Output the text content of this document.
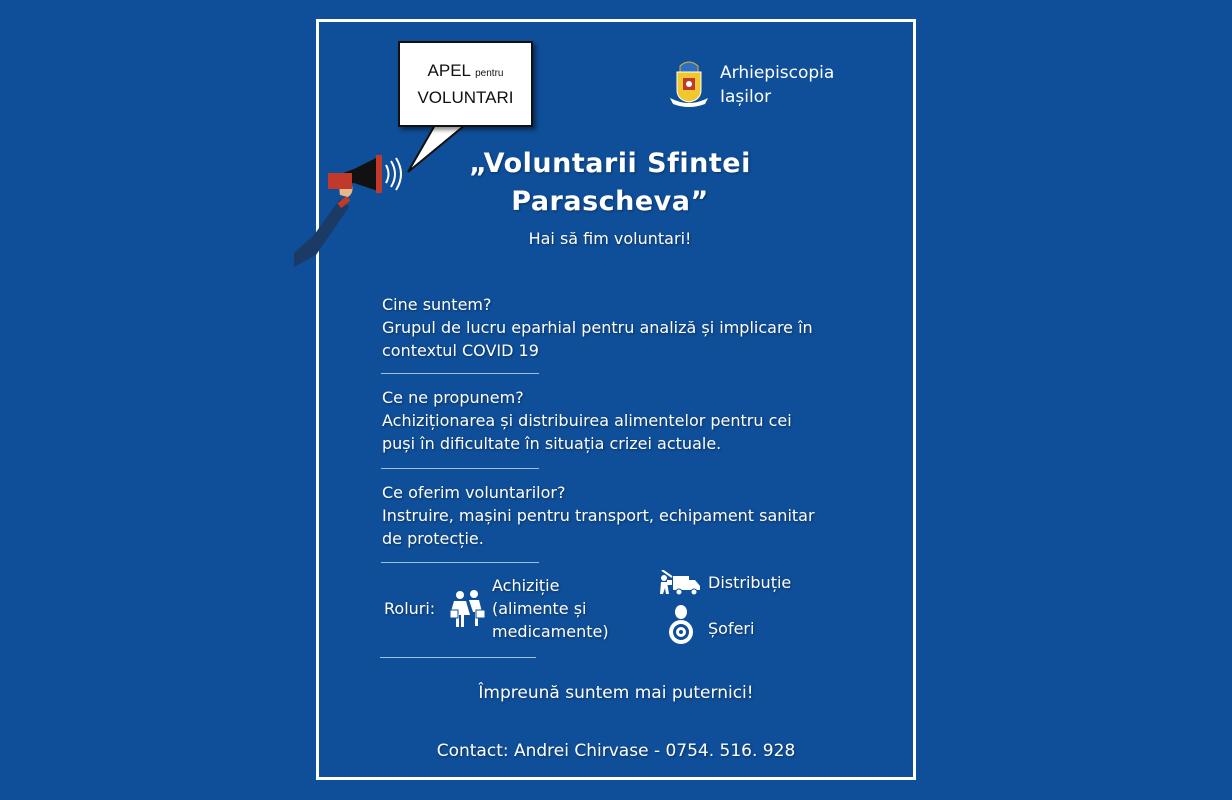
APEL pentru
VOLUNTARI
Arhiepiscopia
Iașilor
„Voluntarii Sfintei
Parascheva”
Hai să fim voluntari!
Cine suntem?
Grupul de lucru eparhial pentru analiză și implicare în
contextul COVID 19
Ce ne propunem?
Achiziționarea și distribuirea alimentelor pentru cei
puși în dificultate în situația crizei actuale.
Ce oferim voluntarilor?
Instruire, mașini pentru transport, echipament sanitar
de protecție.
Roluri:
Achiziție
(alimente și
medicamente)
Distribuție
Șoferi
Împreună suntem mai puternici!
Contact: Andrei Chirvase - 0754. 516. 928
